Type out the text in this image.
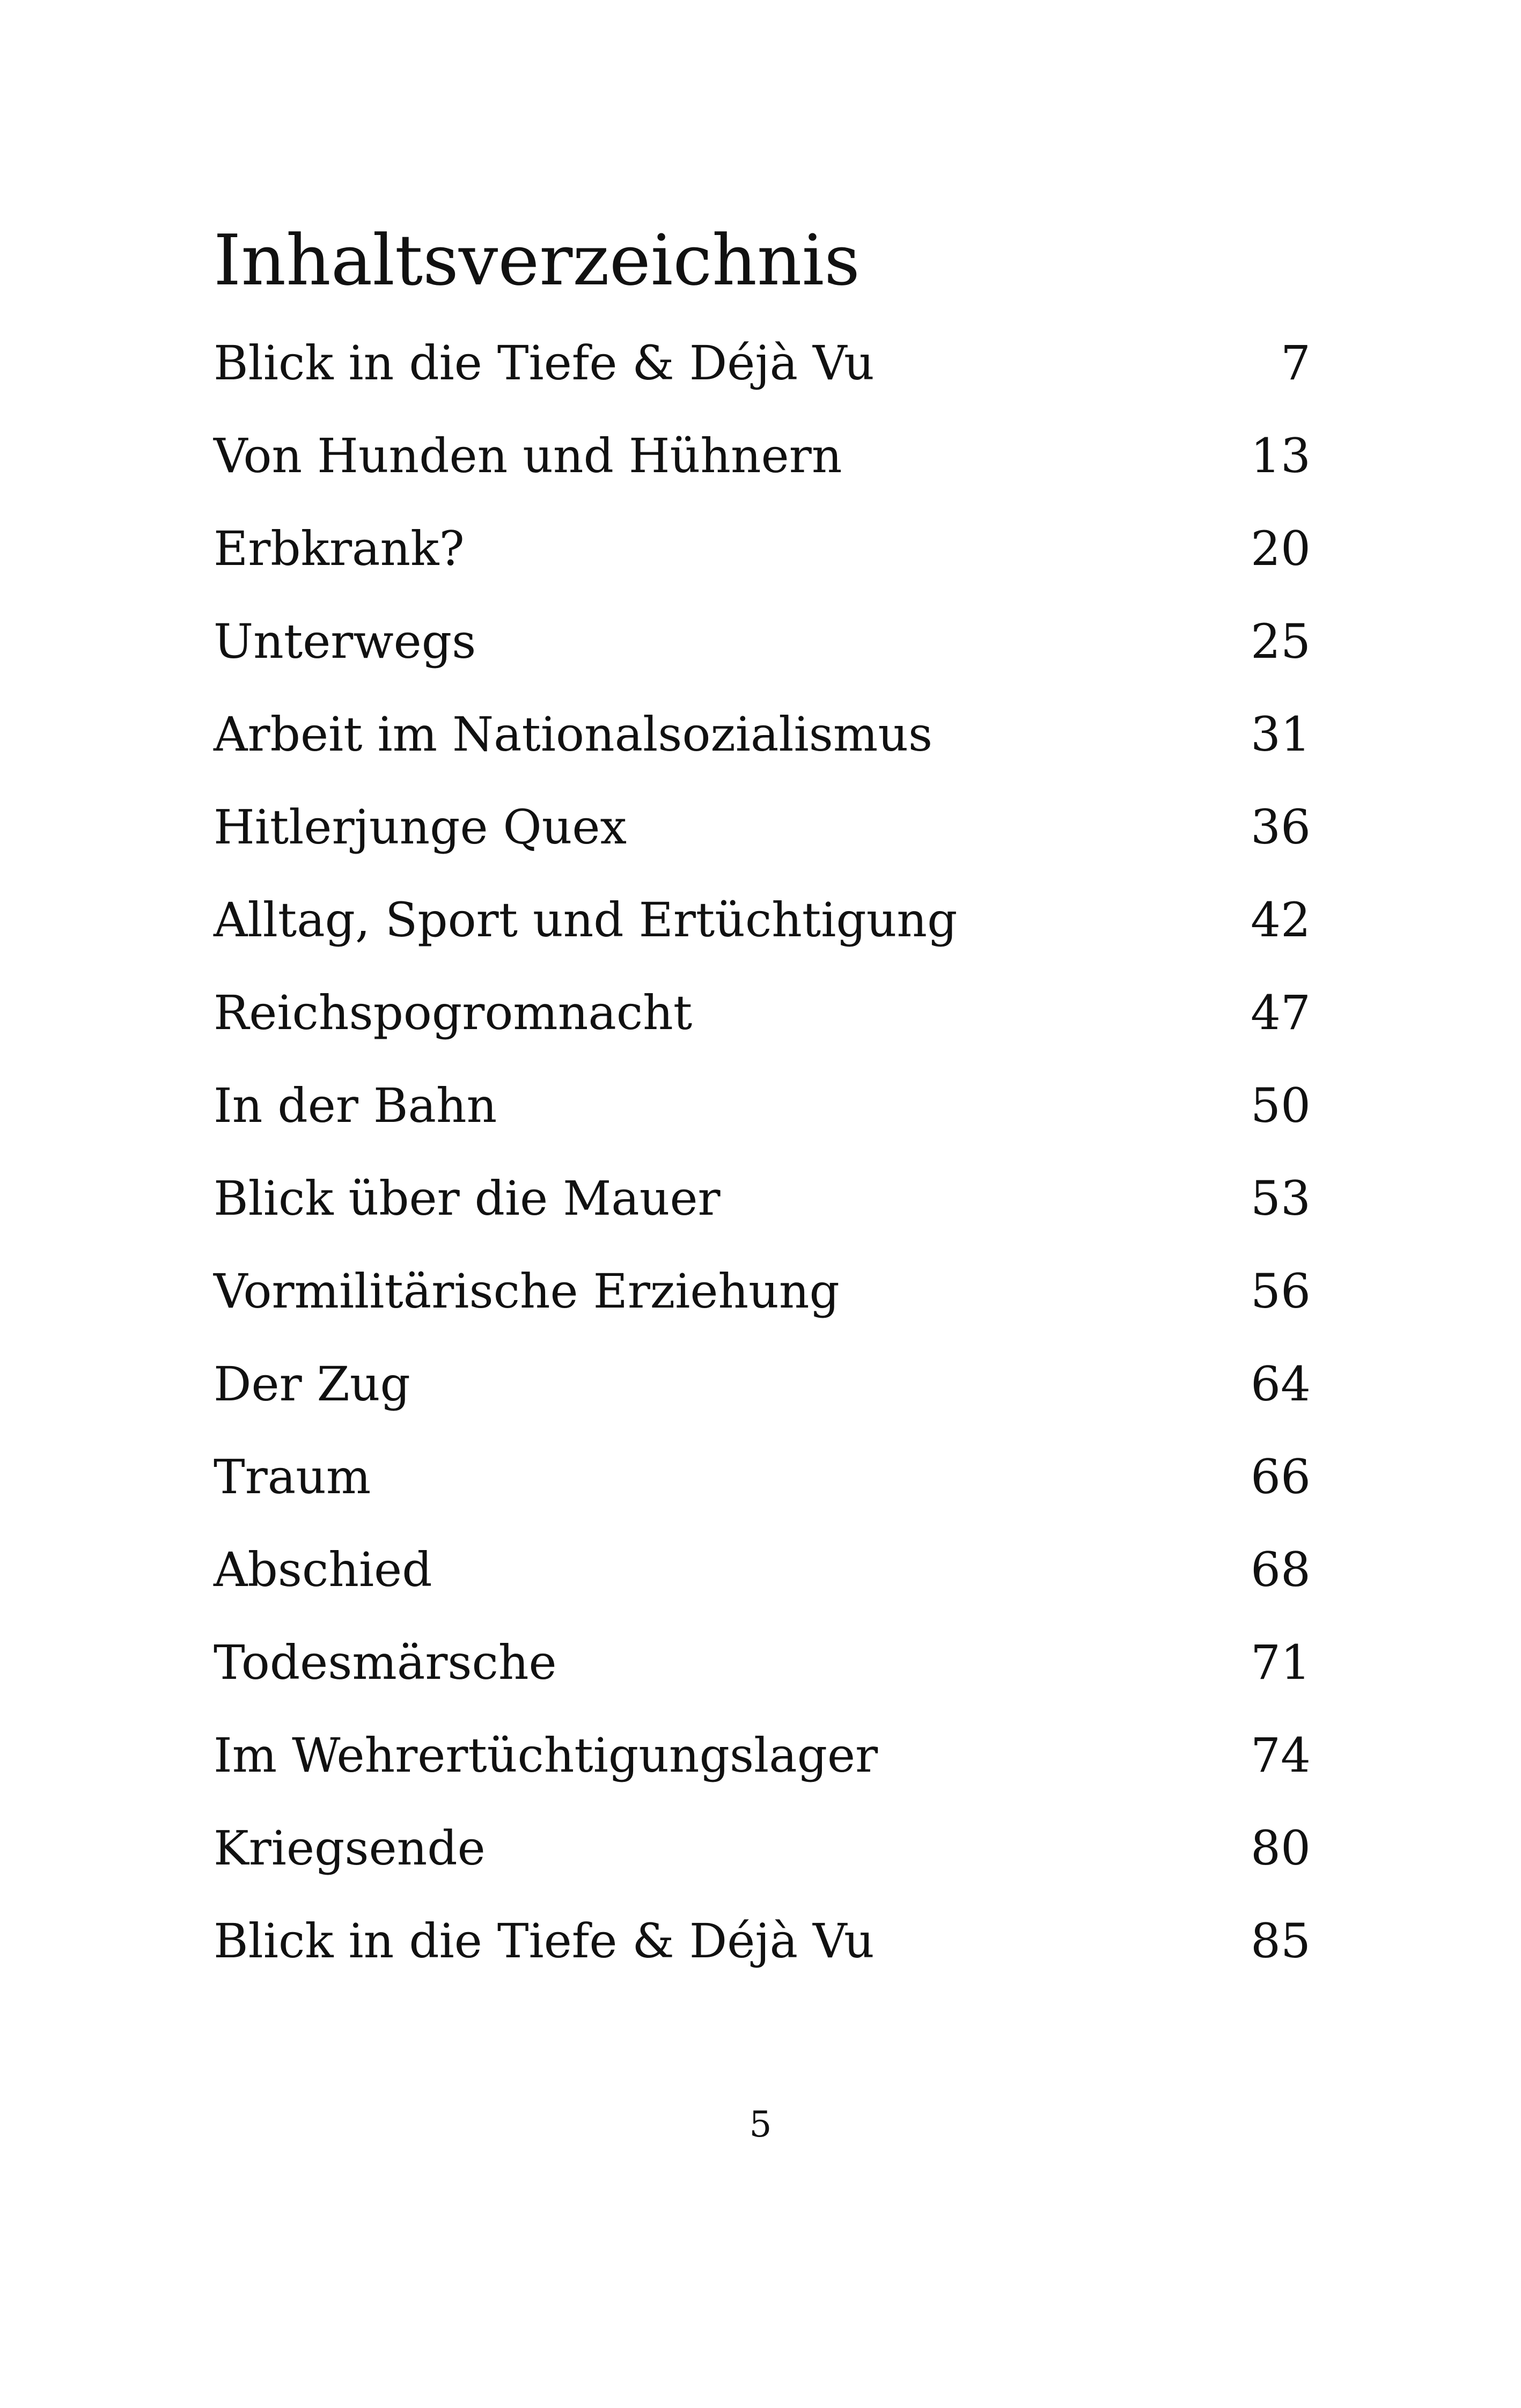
Inhaltsverzeichnis
Blick in die Tiefe & Déjà Vu	7
Von Hunden und Hühnern	13
Erbkrank?	20
Unterwegs	25
Arbeit im Nationalsozialismus	31
Hitlerjunge Quex	36
Alltag, Sport und Ertüchtigung	42
Reichspogromnacht	47
In der Bahn	50
Blick über die Mauer	53
Vormilitärische Erziehung	56
Der Zug	64
Traum	66
Abschied	68
Todesmärsche	71
Im Wehrertüchtigungslager	74
Kriegsende	80
Blick in die Tiefe & Déjà Vu	85
5
